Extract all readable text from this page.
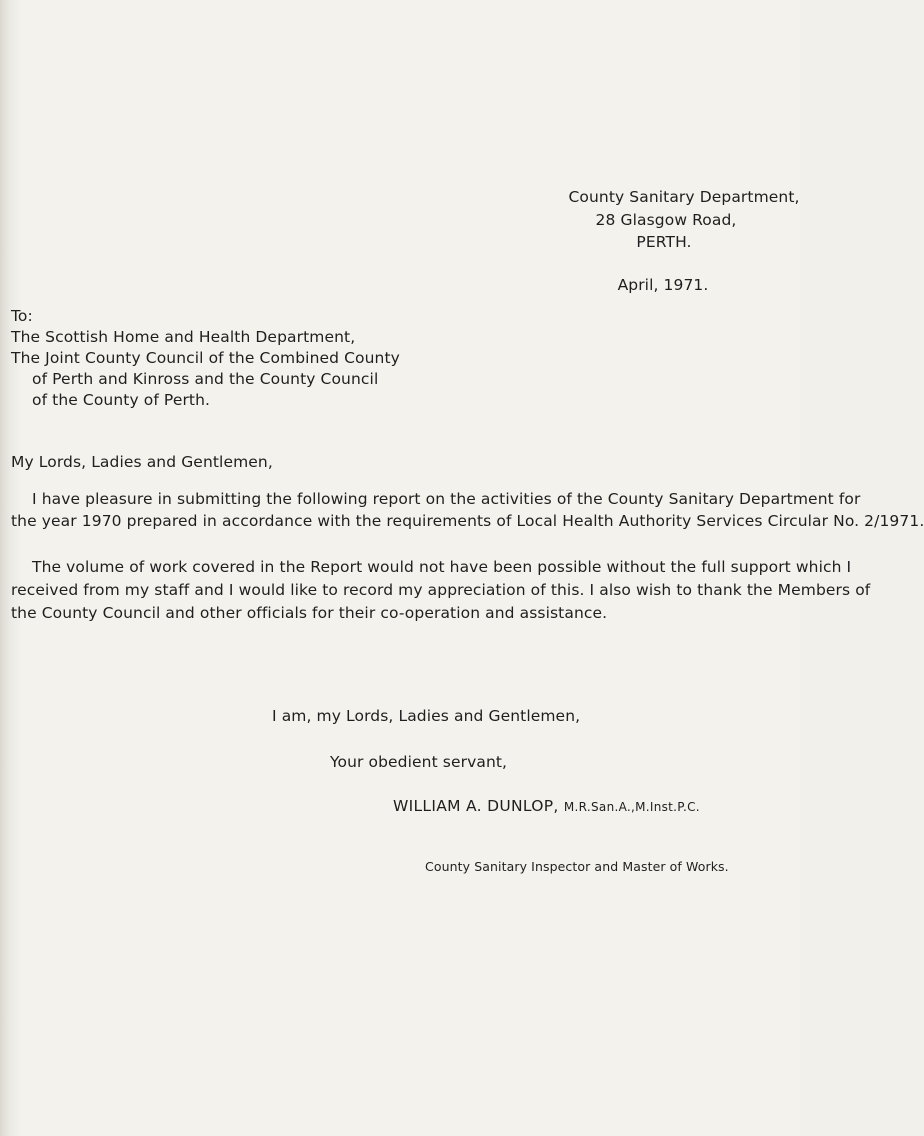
County Sanitary Department,
28 Glasgow Road,
PERTH.
April, 1971.
To:
The Scottish Home and Health Department,
The Joint County Council of the Combined County
of Perth and Kinross and the County Council
of the County of Perth.
My Lords, Ladies and Gentlemen,
I have pleasure in submitting the following report on the activities of the County Sanitary Department for
the year 1970 prepared in accordance with the requirements of Local Health Authority Services Circular No. 2/1971.
The volume of work covered in the Report would not have been possible without the full support which I
received from my staff and I would like to record my appreciation of this. I also wish to thank the Members of
the County Council and other officials for their co-operation and assistance.
I am, my Lords, Ladies and Gentlemen,
Your obedient servant,
WILLIAM A. DUNLOP, M.R.San.A.,M.Inst.P.C.
County Sanitary Inspector and Master of Works.
